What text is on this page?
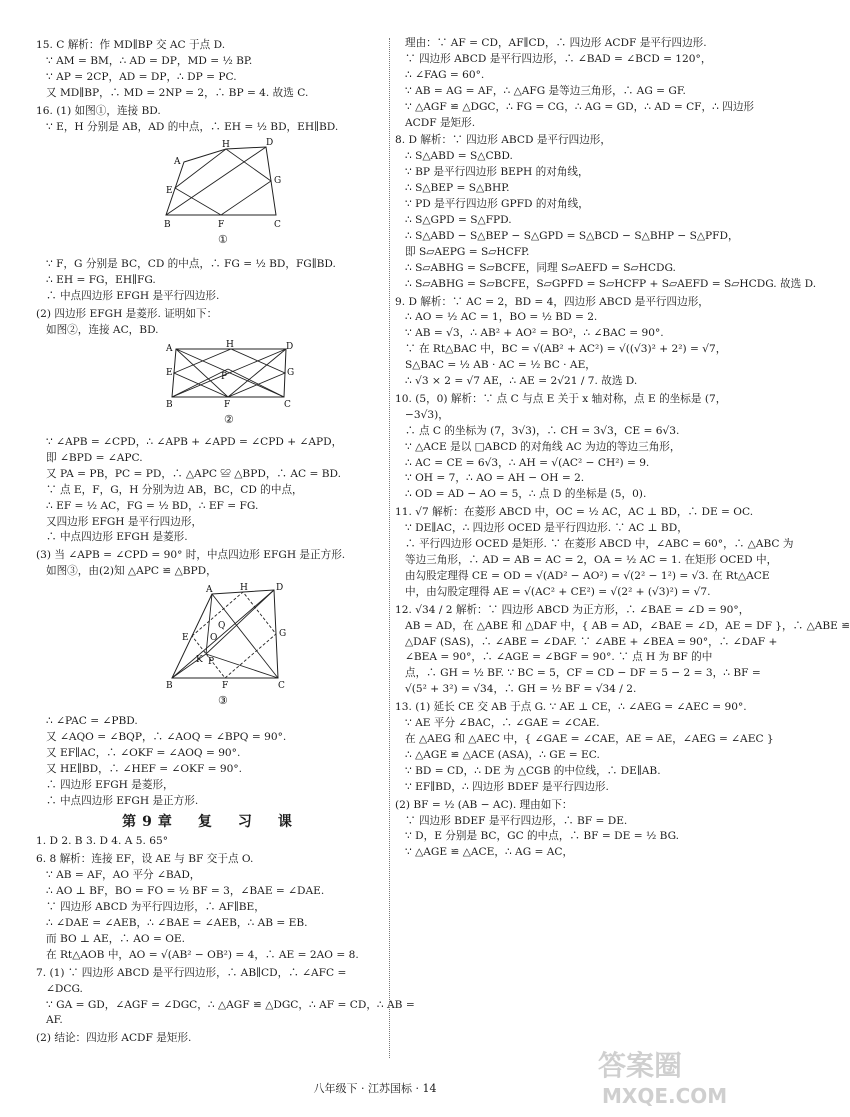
15. C 解析：作 MD∥BP 交 AC 于点 D.
∵ AM = BM，∴ AD = DP，MD = ½ BP.
∵ AP = 2CP，AD = DP，∴ DP = PC.
又 MD∥BP，∴ MD = 2NP = 2，∴ BP = 4. 故选 C.
16. (1) 如图①，连接 BD.
∵ E，H 分别是 AB，AD 的中点，∴ EH = ½ BD，EH∥BD.
A
H	D
E
G
B	F	C
①
∵ F，G 分别是 BC，CD 的中点，∴ FG = ½ BD，FG∥BD.
∴ EH = FG，EH∥FG.
∴ 中点四边形 EFGH 是平行四边形.
(2) 四边形 EFGH 是菱形. 证明如下：
如图②，连接 AC，BD.
A	H	D
E	P	G
B	F	C
②
∵ ∠APB = ∠CPD，∴ ∠APB + ∠APD = ∠CPD + ∠APD，
即 ∠BPD = ∠APC.
又 PA = PB，PC = PD，∴ △APC ≌ △BPD，∴ AC = BD.
∵ 点 E，F，G，H 分别为边 AB，BC，CD 的中点，
∴ EF = ½ AC，FG = ½ BD，∴ EF = FG.
又四边形 EFGH 是平行四边形，
∴ 中点四边形 EFGH 是菱形.
(3) 当 ∠APB = ∠CPD = 90° 时，中点四边形 EFGH 是正方形.
如图③，由(2)知 △APC ≌ △BPD，
A	D
H
Q
O
E
P
G
K
B	F	C
③
∴ ∠PAC = ∠PBD.
又 ∠AQO = ∠BQP，∴ ∠AOQ = ∠BPQ = 90°.
又 EF∥AC，∴ ∠OKF = ∠AOQ = 90°.
又 HE∥BD，∴ ∠HEF = ∠OKF = 90°.
∴ 四边形 EFGH 是菱形，
∴ 中点四边形 EFGH 是正方形.
第9章　复　习　课
1. D 2. B 3. D 4. A 5. 65°
6. 8 解析：连接 EF，设 AE 与 BF 交于点 O.
∵ AB = AF，AO 平分 ∠BAD，
∴ AO ⊥ BF，BO = FO = ½ BF = 3，∠BAE = ∠DAE.
∵ 四边形 ABCD 为平行四边形，∴ AF∥BE，
∴ ∠DAE = ∠AEB，∴ ∠BAE = ∠AEB，∴ AB = EB.
而 BO ⊥ AE，∴ AO = OE.
在 Rt△AOB 中，AO = √(AB² − OB²) = 4，∴ AE = 2AO = 8.
7. (1) ∵ 四边形 ABCD 是平行四边形，∴ AB∥CD，∴ ∠AFC =
∠DCG.
∵ GA = GD，∠AGF = ∠DGC，∴ △AGF ≌ △DGC，∴ AF = CD，∴ AB =
AF.
(2) 结论：四边形 ACDF 是矩形.
理由：∵ AF = CD，AF∥CD，∴ 四边形 ACDF 是平行四边形.
∵ 四边形 ABCD 是平行四边形，∴ ∠BAD = ∠BCD = 120°，
∴ ∠FAG = 60°.
∵ AB = AG = AF，∴ △AFG 是等边三角形，∴ AG = GF.
∵ △AGF ≌ △DGC，∴ FG = CG，∴ AG = GD，∴ AD = CF，∴ 四边形
ACDF 是矩形.
8. D 解析：∵ 四边形 ABCD 是平行四边形，
∴ S△ABD = S△CBD.
∵ BP 是平行四边形 BEPH 的对角线，
∴ S△BEP = S△BHP.
∵ PD 是平行四边形 GPFD 的对角线，
∴ S△GPD = S△FPD.
∴ S△ABD − S△BEP − S△GPD = S△BCD − S△BHP − S△PFD，
即 S▱AEPG = S▱HCFP.
∴ S▱ABHG = S▱BCFE，同理 S▱AEFD = S▱HCDG.
∴ S▱ABHG = S▱BCFE，S▱GPFD = S▱HCFP + S▱AEFD = S▱HCDG. 故选 D.
9. D 解析：∵ AC = 2，BD = 4，四边形 ABCD 是平行四边形，
∴ AO = ½ AC = 1，BO = ½ BD = 2.
∵ AB = √3，∴ AB² + AO² = BO²，∴ ∠BAC = 90°.
∵ 在 Rt△BAC 中，BC = √(AB² + AC²) = √((√3)² + 2²) = √7，
S△BAC = ½ AB · AC = ½ BC · AE，
∴ √3 × 2 = √7 AE，∴ AE = 2√21 / 7. 故选 D.
10. (5，0) 解析：∵ 点 C 与点 E 关于 x 轴对称，点 E 的坐标是 (7，
−3√3)，
∴ 点 C 的坐标为 (7，3√3)，∴ CH = 3√3，CE = 6√3.
∵ △ACE 是以 □ABCD 的对角线 AC 为边的等边三角形，
∴ AC = CE = 6√3，∴ AH = √(AC² − CH²) = 9.
∵ OH = 7，∴ AO = AH − OH = 2.
∴ OD = AD − AO = 5，∴ 点 D 的坐标是 (5，0).
11. √7 解析：在菱形 ABCD 中，OC = ½ AC，AC ⊥ BD，∴ DE = OC.
∵ DE∥AC，∴ 四边形 OCED 是平行四边形. ∵ AC ⊥ BD，
∴ 平行四边形 OCED 是矩形. ∵ 在菱形 ABCD 中，∠ABC = 60°，∴ △ABC 为
等边三角形，∴ AD = AB = AC = 2，OA = ½ AC = 1. 在矩形 OCED 中，
由勾股定理得 CE = OD = √(AD² − AO²) = √(2² − 1²) = √3. 在 Rt△ACE
中，由勾股定理得 AE = √(AC² + CE²) = √(2² + (√3)²) = √7.
12. √34 / 2 解析：∵ 四边形 ABCD 为正方形，∴ ∠BAE = ∠D = 90°，
AB = AD，在 △ABE 和 △DAF 中，{ AB = AD，∠BAE = ∠D，AE = DF }，∴ △ABE ≌
△DAF (SAS)，∴ ∠ABE = ∠DAF. ∵ ∠ABE + ∠BEA = 90°，∴ ∠DAF +
∠BEA = 90°，∴ ∠AGE = ∠BGF = 90°. ∵ 点 H 为 BF 的中
点，∴ GH = ½ BF. ∵ BC = 5，CF = CD − DF = 5 − 2 = 3，∴ BF =
√(5² + 3²) = √34，∴ GH = ½ BF = √34 / 2.
13. (1) 延长 CE 交 AB 于点 G. ∵ AE ⊥ CE，∴ ∠AEG = ∠AEC = 90°.
∵ AE 平分 ∠BAC，∴ ∠GAE = ∠CAE.
在 △AEG 和 △AEC 中，{ ∠GAE = ∠CAE，AE = AE，∠AEG = ∠AEC }
∴ △AGE ≌ △ACE (ASA)，∴ GE = EC.
∵ BD = CD，∴ DE 为 △CGB 的中位线，∴ DE∥AB.
∵ EF∥BD，∴ 四边形 BDEF 是平行四边形.
(2) BF = ½ (AB − AC). 理由如下：
∵ 四边形 BDEF 是平行四边形，∴ BF = DE.
∵ D，E 分别是 BC，GC 的中点，∴ BF = DE = ½ BG.
∵ △AGE ≌ △ACE，∴ AG = AC，
八年级下 · 江苏国标 · 14
答案圈
MXQE.COM
